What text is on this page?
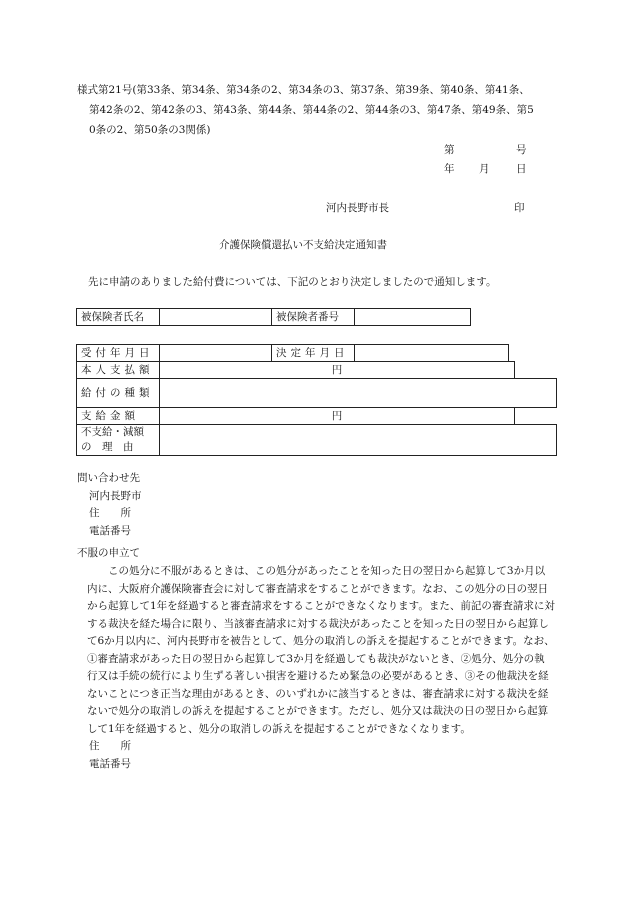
様式第21号(第33条、第34条、第34条の2、第34条の3、第37条、第39条、第40条、第41条、
第42条の2、第42条の3、第43条、第44条、第44条の2、第44条の3、第47条、第49条、第5
0条の2、第50条の3関係)
第	号
年 月	日
河内長野市長	印
介護保険償還払い不支給決定通知書
先に申請のありました給付費については、下記のとおり決定しましたので通知します。
被保険者氏名		被保険者番号	
受付年月日		決定年月日	
本人支払額	円
給付の種類	
支給金額	円
不支給・減額
の　理　由

問い合わせ先
河内長野市
住　　所
電話番号
不服の申立て
この処分に不服があるときは、この処分があったことを知った日の翌日から起算して3か月以内に、大阪府介護保険審査会に対して審査請求をすることができます。なお、この処分の日の翌日から起算して1年を経過すると審査請求をすることができなくなります。また、前記の審査請求に対する裁決を経た場合に限り、当該審査請求に対する裁決があったことを知った日の翌日から起算して6か月以内に、河内長野市を被告として、処分の取消しの訴えを提起することができます。なお、①審査請求があった日の翌日から起算して3か月を経過しても裁決がないとき、②処分、処分の執行又は手続の続行により生ずる著しい損害を避けるため緊急の必要があるとき、③その他裁決を経ないことにつき正当な理由があるとき、のいずれかに該当するときは、審査請求に対する裁決を経ないで処分の取消しの訴えを提起することができます。ただし、処分又は裁決の日の翌日から起算して1年を経過すると、処分の取消しの訴えを提起することができなくなります。
住　　所
電話番号
